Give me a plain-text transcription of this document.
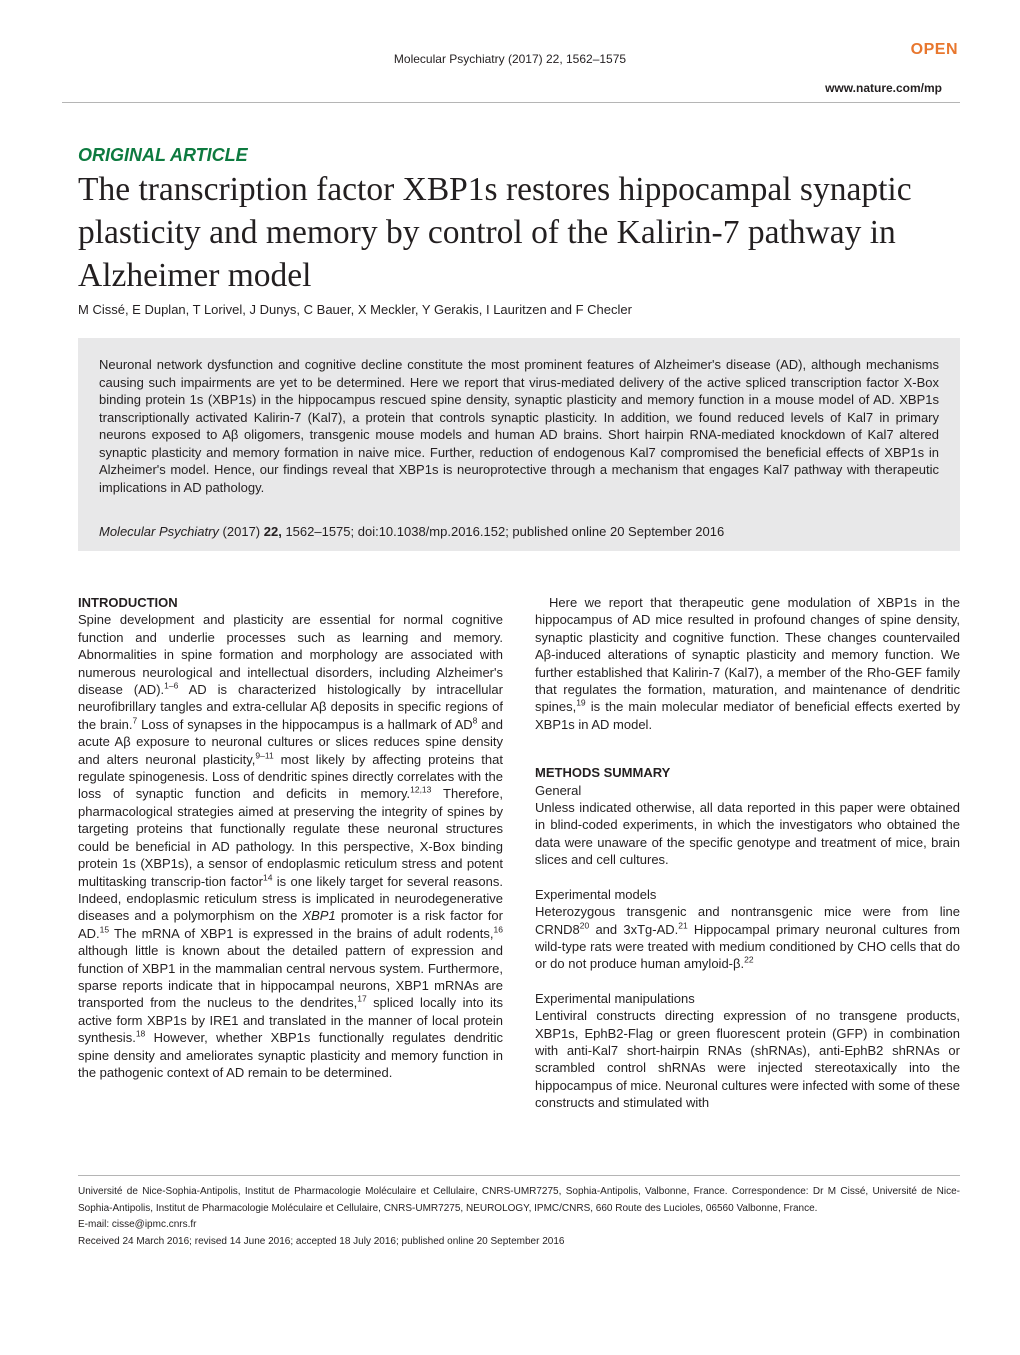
OPEN
Molecular Psychiatry (2017) 22, 1562–1575
www.nature.com/mp
ORIGINAL ARTICLE
The transcription factor XBP1s restores hippocampal synaptic plasticity and memory by control of the Kalirin-7 pathway in Alzheimer model
M Cissé, E Duplan, T Lorivel, J Dunys, C Bauer, X Meckler, Y Gerakis, I Lauritzen and F Checler

Neuronal network dysfunction and cognitive decline constitute the most prominent features of Alzheimer's disease (AD), although mechanisms causing such impairments are yet to be determined. Here we report that virus-mediated delivery of the active spliced transcription factor X-Box binding protein 1s (XBP1s) in the hippocampus rescued spine density, synaptic plasticity and memory function in a mouse model of AD. XBP1s transcriptionally activated Kalirin-7 (Kal7), a protein that controls synaptic plasticity. In addition, we found reduced levels of Kal7 in primary neurons exposed to Aβ oligomers, transgenic mouse models and human AD brains. Short hairpin RNA-mediated knockdown of Kal7 altered synaptic plasticity and memory formation in naive mice. Further, reduction of endogenous Kal7 compromised the beneficial effects of XBP1s in Alzheimer's model. Hence, our findings reveal that XBP1s is neuroprotective through a mechanism that engages Kal7 pathway with therapeutic implications in AD pathology.

Molecular Psychiatry (2017) 22, 1562–1575; doi:10.1038/mp.2016.152; published online 20 September 2016
INTRODUCTION

Spine development and plasticity are essential for normal cognitive function and underlie processes such as learning and memory. Abnormalities in spine formation and morphology are associated with numerous neurological and intellectual disorders, including Alzheimer's disease (AD).$^{1-6}$ AD is characterized histologically by intracellular neurofibrillary tangles and extra-cellular Aβ deposits in specific regions of the brain.$^7$ Loss of synapses in the hippocampus is a hallmark of $AD^8$ and acute Aβ exposure to neuronal cultures or slices reduces spine density and alters neuronal plasticity,$^{9-11}$ most likely by affecting proteins that regulate spinogenesis. Loss of dendritic spines directly correlates with the loss of synaptic function and deficits in memory.$^{12,13}$ Therefore, pharmacological strategies aimed at preserving the integrity of spines by targeting proteins that functionally regulate these neuronal structures could be beneficial in AD pathology. In this perspective, X-Box binding protein 1s (XBP1s), a sensor of endoplasmic reticulum stress and potent multitasking transcrip-tion factor$^{14}$ is one likely target for several reasons. Indeed, endoplasmic reticulum stress is implicated in neurodegenerative diseases and a polymorphism on the XBP1 promoter is a risk factor for AD.$^{15}$ The mRNA of XBP1 is expressed in the brains of adult rodents,$^{16}$ although little is known about the detailed pattern of expression and function of XBP1 in the mammalian central nervous system. Furthermore, sparse reports indicate that in hippocampal neurons, XBP1 mRNAs are transported from the nucleus to the dendrites,$^{17}$ spliced locally into its active form XBP1s by IRE1 and translated in the manner of local protein synthesis.$^{18}$ However, whether XBP1s functionally regulates dendritic spine density and ameliorates synaptic plasticity and memory function in the pathogenic context of AD remain to be determined.

Here we report that therapeutic gene modulation of XBP1s in the hippocampus of AD mice resulted in profound changes of spine density, synaptic plasticity and cognitive function. These changes countervailed Aβ-induced alterations of synaptic plasticity and memory function. We further established that Kalirin-7 (Kal7), a member of the Rho-GEF family that regulates the formation, maturation, and maintenance of dendritic spines,$^{19}$ is the main molecular mediator of beneficial effects exerted by XBP1s in AD model.

METHODS SUMMARY
General

Unless indicated otherwise, all data reported in this paper were obtained in blind-coded experiments, in which the investigators who obtained the data were unaware of the specific genotype and treatment of mice, brain slices and cell cultures.

Experimental models

Heterozygous transgenic and nontransgenic mice were from line $CRND8^{20}$ and 3xTg-AD.$^{21}$ Hippocampal primary neuronal cultures from wild-type rats were treated with medium conditioned by CHO cells that do or do not produce human amyloid-β.$^{22}$

Experimental manipulations

Lentiviral constructs directing expression of no transgene products, XBP1s, EphB2-Flag or green fluorescent protein (GFP) in combination with anti-Kal7 short-hairpin RNAs (shRNAs), anti-EphB2 shRNAs or scrambled control shRNAs were injected stereotaxically into the hippocampus of mice. Neuronal cultures were infected with some of these constructs and stimulated with

Université de Nice-Sophia-Antipolis, Institut de Pharmacologie Moléculaire et Cellulaire, CNRS-UMR7275, Sophia-Antipolis, Valbonne, France. Correspondence: Dr M Cissé, Université de Nice-Sophia-Antipolis, Institut de Pharmacologie Moléculaire et Cellulaire, CNRS-UMR7275, NEUROLOGY, IPMC/CNRS, 660 Route des Lucioles, 06560 Valbonne, France.

E-mail: cisse@ipmc.cnrs.fr

Received 24 March 2016; revised 14 June 2016; accepted 18 July 2016; published online 20 September 2016
